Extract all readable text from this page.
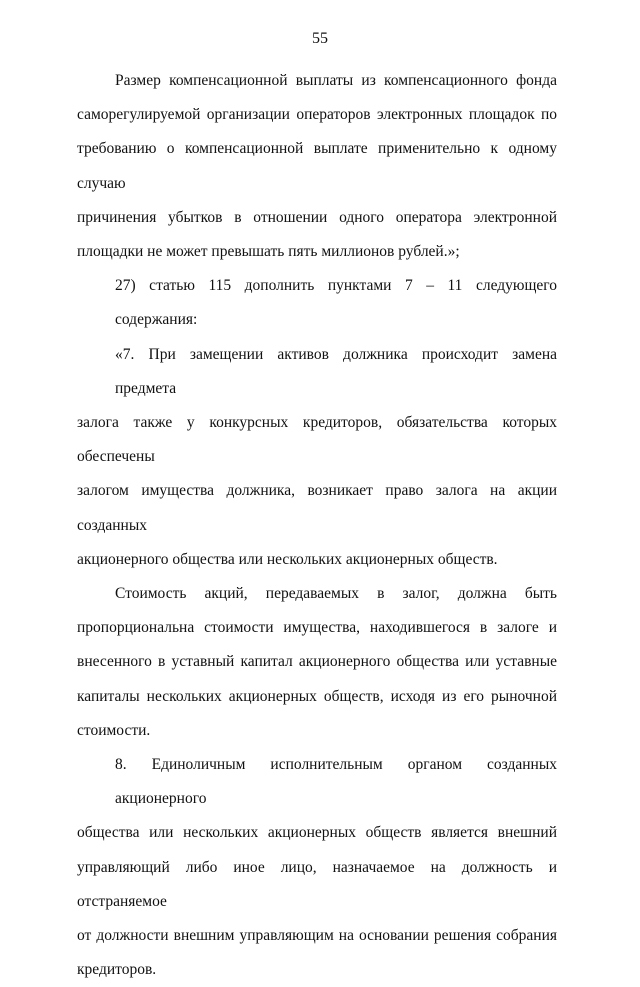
55

Размер компенсационной выплаты из компенсационного фонда
саморегулируемой организации операторов электронных площадок по
требованию о компенсационной выплате применительно к одному случаю
причинения убытков в отношении одного оператора электронной
площадки не может превышать пять миллионов рублей.»;

27) статью 115 дополнить пунктами 7 – 11 следующего содержания:

«7. При замещении активов должника происходит замена предмета
залога также у конкурсных кредиторов, обязательства которых обеспечены
залогом имущества должника, возникает право залога на акции созданных
акционерного общества или нескольких акционерных обществ.

Стоимость акций, передаваемых в залог, должна быть
пропорциональна стоимости имущества, находившегося в залоге и
внесенного в уставный капитал акционерного общества или уставные
капиталы нескольких акционерных обществ, исходя из его рыночной
стоимости.

8. Единоличным исполнительным органом созданных акционерного
общества или нескольких акционерных обществ является внешний
управляющий либо иное лицо, назначаемое на должность и отстраняемое
от должности внешним управляющим на основании решения собрания
кредиторов.
